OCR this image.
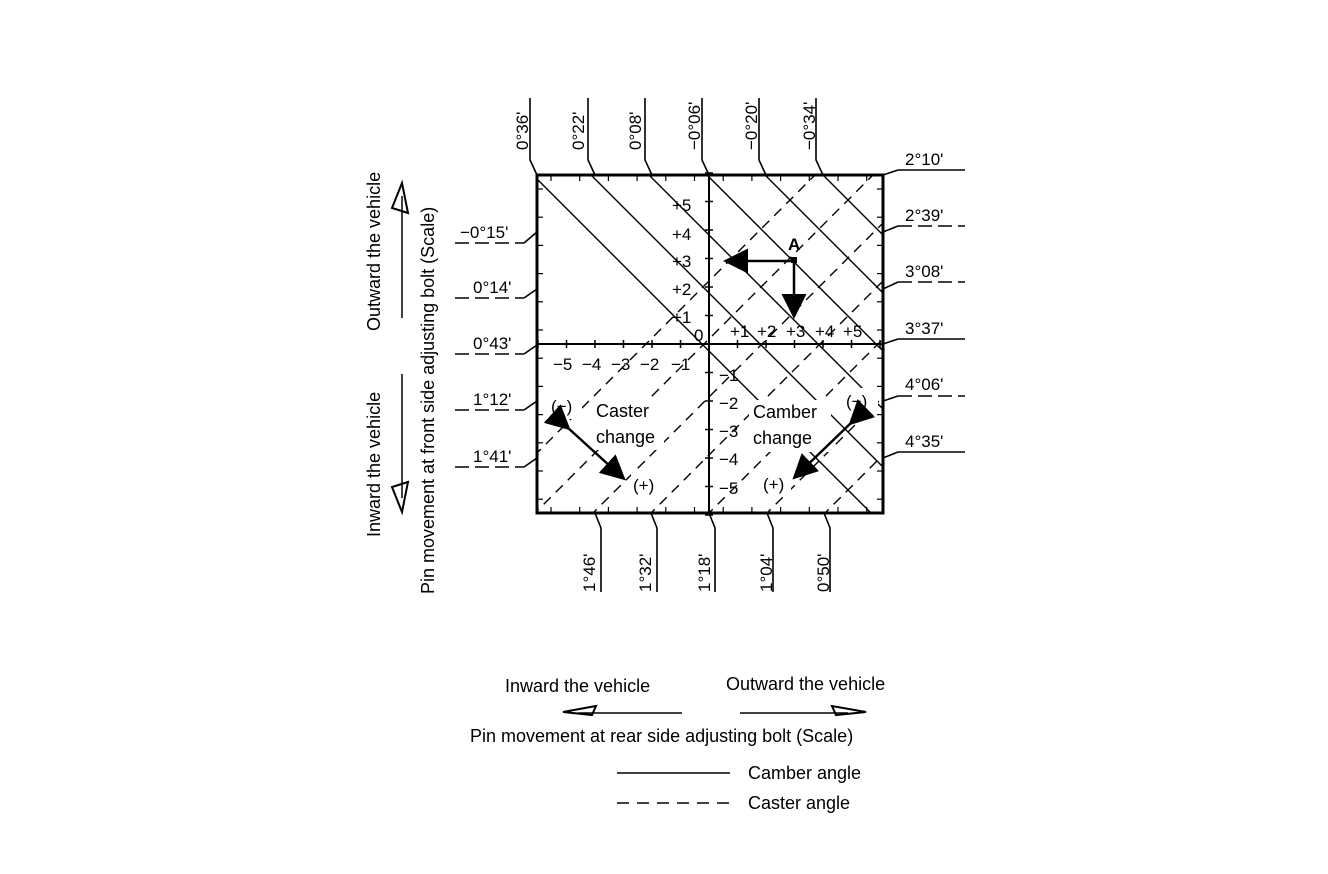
0°36' 0°22' 0°08' −0°06' −0°20' −0°34'
1°46' 1°32' 1°18'	1°04' 0°50'
−0°15'
0°14'
0°43'
1°12'
1°41'
2°10'
2°39'
3°08'
3°37'
4°06'
4°35'
+5
+4
+3
+2
+1
0
−1
−2
−3
−4
−5
+1 +2 +3 +4 +5
−5 −4 −3 −2 −1
A
(−) Caster
change
(+)
Camber
change
(−)
(+)
Outward the vehicle
Inward the vehicle Pin movement at front side adjusting bolt (Scale)
Inward the vehicle	Outward the vehicle
Pin movement at rear side adjusting bolt (Scale)
Camber angle
Caster angle
